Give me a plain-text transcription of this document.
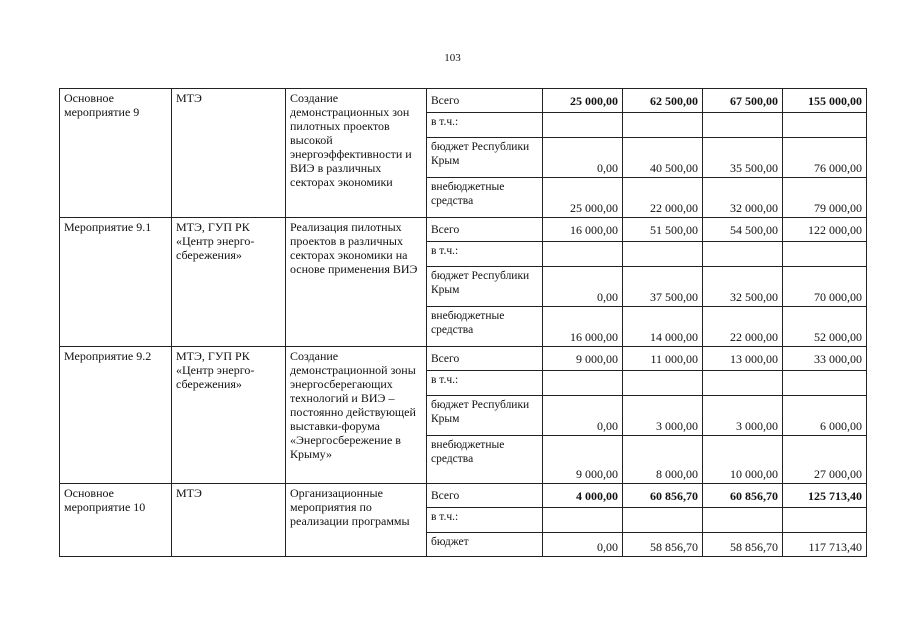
103
Основное мероприятие 9	МТЭ	Создание демонстрационных зон пилотных проектов высокой энергоэффективности и ВИЭ в различных секторах экономики	Всего	25 000,00	62 500,00	67 500,00	155 000,00
			в т.ч.:				
			бюджет Республики Крым	0,00	40 500,00	35 500,00	76 000,00
			внебюджетные средства	25 000,00	22 000,00	32 000,00	79 000,00
Мероприятие 9.1	МТЭ, ГУП РК «Центр энерго-сбережения»	Реализация пилотных проектов в различных секторах экономики на основе применения ВИЭ	Всего	16 000,00	51 500,00	54 500,00	122 000,00
			в т.ч.:				
			бюджет Республики Крым	0,00	37 500,00	32 500,00	70 000,00
			внебюджетные средства	16 000,00	14 000,00	22 000,00	52 000,00
Мероприятие 9.2	МТЭ, ГУП РК «Центр энерго-сбережения»	Создание демонстрационной зоны энергосберегающих технологий и ВИЭ – постоянно действующей выставки-форума «Энергосбережение в Крыму»	Всего	9 000,00	11 000,00	13 000,00	33 000,00
			в т.ч.:				
			бюджет Республики Крым	0,00	3 000,00	3 000,00	6 000,00
			внебюджетные средства	9 000,00	8 000,00	10 000,00	27 000,00
Основное мероприятие 10	МТЭ	Организационные мероприятия по реализации программы	Всего	4 000,00	60 856,70	60 856,70	125 713,40
			в т.ч.:				
			бюджет	0,00	58 856,70	58 856,70	117 713,40
